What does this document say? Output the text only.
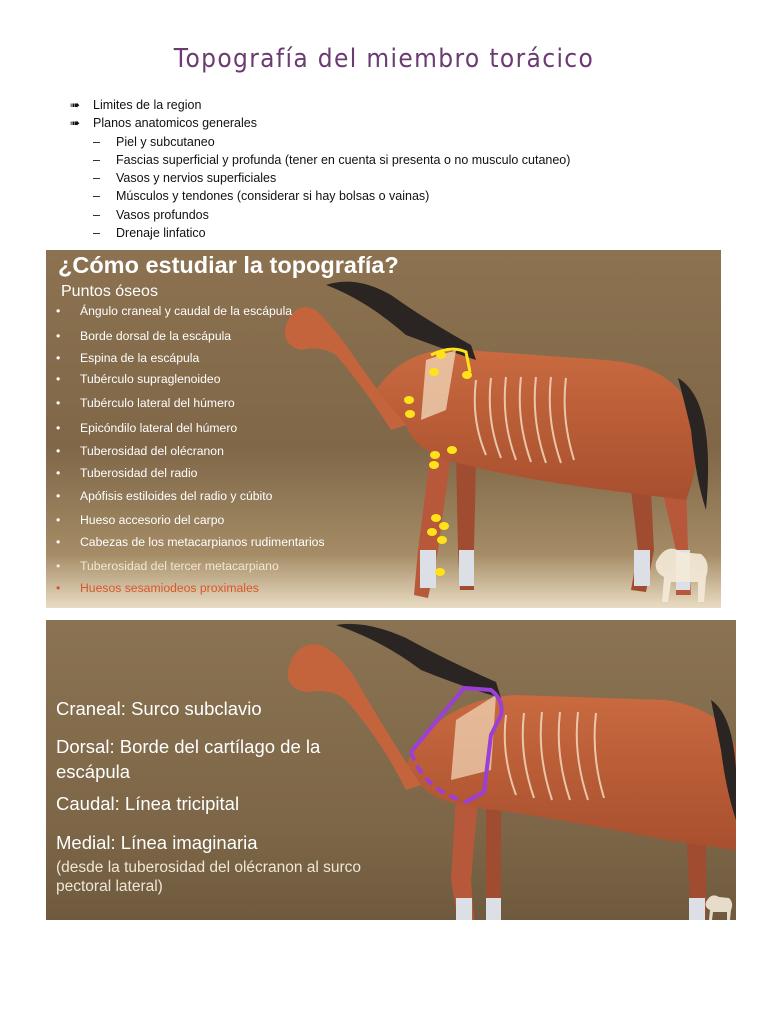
Topografía del miembro torácico
➠	Limites de la region
➠	Planos anatomicos generales
–	Piel y subcutaneo
–	Fascias superficial y profunda (tener en cuenta si presenta o no musculo cutaneo)
–	Vasos y nervios superficiales
–	Músculos y tendones (considerar si hay bolsas o vainas)
–	Vasos profundos
–	Drenaje linfatico
¿Cómo estudiar la topografía?
Puntos óseos
•	Ángulo craneal y caudal de la escápula
•	Borde dorsal de la escápula
•	Espina de la escápula
•	Tubérculo supraglenoideo
•	Tubérculo lateral del húmero
•	Epicóndilo lateral del húmero
•	Tuberosidad del olécranon
•	Tuberosidad del radio
•	Apófisis estiloides del radio y cúbito
•	Hueso accesorio del carpo
•	Cabezas de los metacarpianos rudimentarios
•	Tuberosidad del tercer metacarpiano
•	Huesos sesamiodeos proximales
Craneal: Surco subclavio
Dorsal: Borde del cartílago de la
escápula
Caudal: Línea tricipital
Medial: Línea imaginaria
(desde la tuberosidad del olécranon al surco
pectoral lateral)
